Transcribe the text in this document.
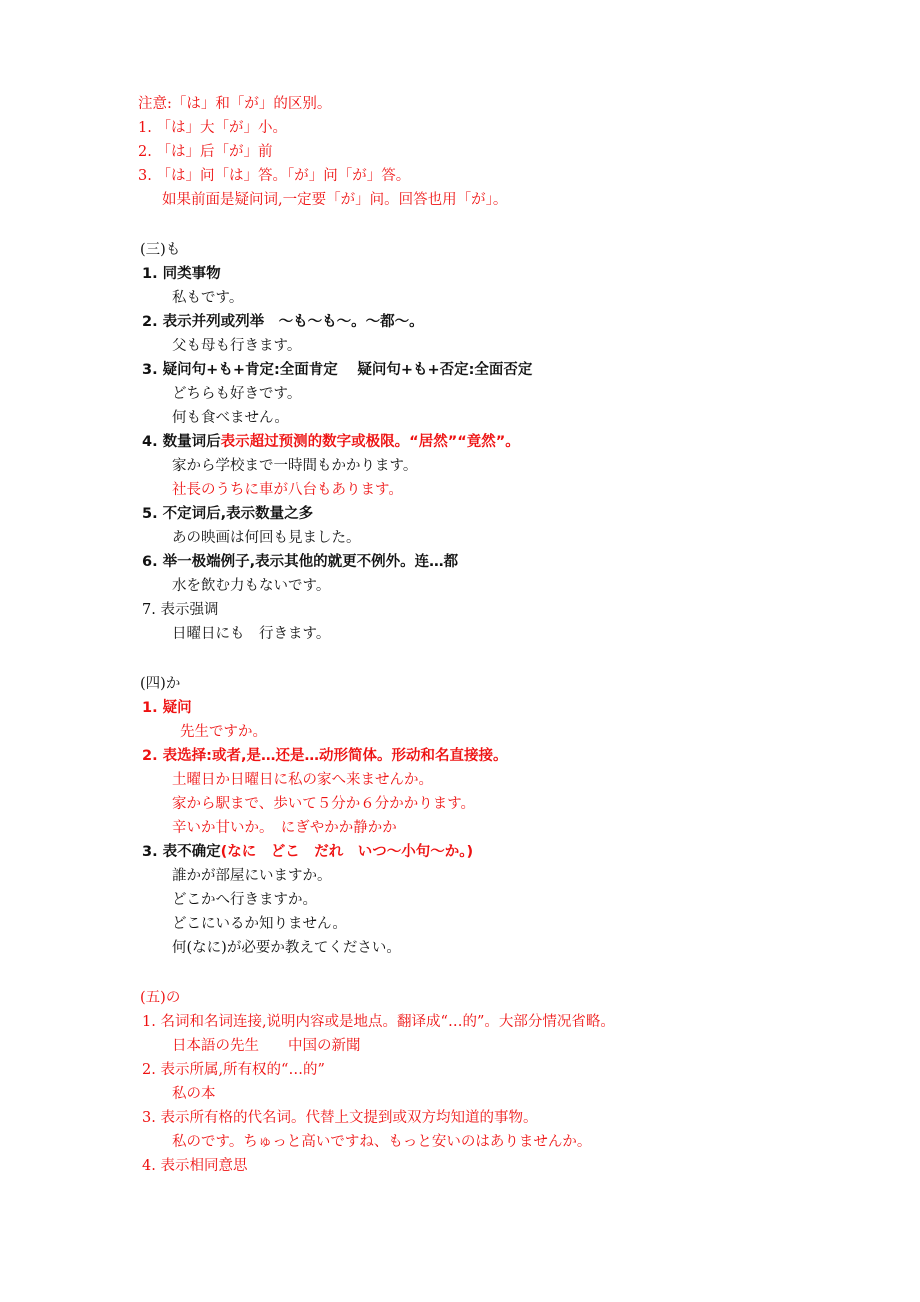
注意:「は」和「が」的区别。
1. 「は」大「が」小。
2. 「は」后「が」前
3. 「は」问「は」答。「が」问「が」答。
如果前面是疑问词,一定要「が」问。回答也用「が」。
(三)も
1. 同类事物
私もです。
2. 表示并列或列举　～も～も～。～都～。
父も母も行きます。
3. 疑问句+も+肯定:全面肯定　 疑问句+も+否定:全面否定
どちらも好きです。
何も食べません。
4. 数量词后表示超过预测的数字或极限。“居然”“竟然”。
家から学校まで一時間もかかります。
社長のうちに車が八台もあります。
5. 不定词后,表示数量之多
あの映画は何回も見ました。
6. 举一极端例子,表示其他的就更不例外。连…都
水を飲む力もないです。
7. 表示强调
日曜日にも　行きます。
(四)か
1. 疑问
先生ですか。
2. 表选择:或者,是…还是…动形简体。形动和名直接接。
土曜日か日曜日に私の家へ来ませんか。
家から駅まで、歩いて５分か６分かかります。
辛いか甘いか。　にぎやかか静かか
3. 表不确定(なに　どこ　だれ　いつ～小句～か。)
誰かが部屋にいますか。
どこかへ行きますか。
どこにいるか知りません。
何(なに)が必要か教えてください。
(五)の
1. 名词和名词连接,说明内容或是地点。翻译成“…的”。大部分情况省略。
日本語の先生　　中国の新聞
2. 表示所属,所有权的“…的”
私の本
3. 表示所有格的代名词。代替上文提到或双方均知道的事物。
私のです。ちゅっと高いですね、もっと安いのはありませんか。
4. 表示相同意思
